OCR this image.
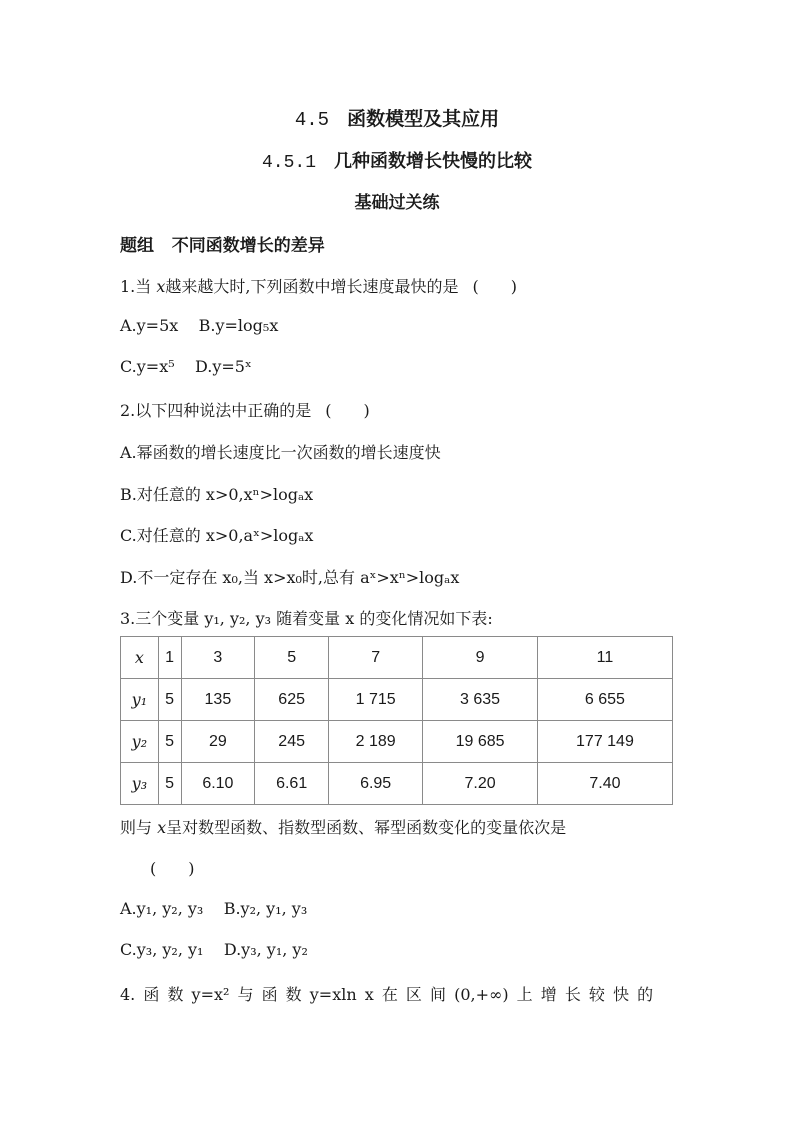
4.5 函数模型及其应用
4.5.1 几种函数增长快慢的比较
基础过关练
题组 不同函数增长的差异
1.当 x越来越大时,下列函数中增长速度最快的是 (　　)
A.y=5x B.y=log₅x
C.y=x⁵ D.y=5ˣ
2.以下四种说法中正确的是 (　　)
A.幂函数的增长速度比一次函数的增长速度快
B.对任意的 x>0,xⁿ>logₐx
C.对任意的 x>0,aˣ>logₐx
D.不一定存在 x₀,当 x>x₀时,总有 aˣ>xⁿ>logₐx
3.三个变量 y₁, y₂, y₃ 随着变量 x 的变化情况如下表:
x	1	3	5	7	9	11
y₁	5	135	625	1 715	3 635	6 655
y₂	5	29	245	2 189	19 685	177 149
y₃	5	6.10	6.61	6.95	7.20	7.40
则与 x呈对数型函数、指数型函数、幂型函数变化的变量依次是
(　　)
A.y₁, y₂, y₃ B.y₂, y₁, y₃
C.y₃, y₂, y₁ D.y₃, y₁, y₂
4. 函 数 y=x² 与 函 数 y=xln x 在 区 间 (0,+∞) 上 增 长 较 快 的
